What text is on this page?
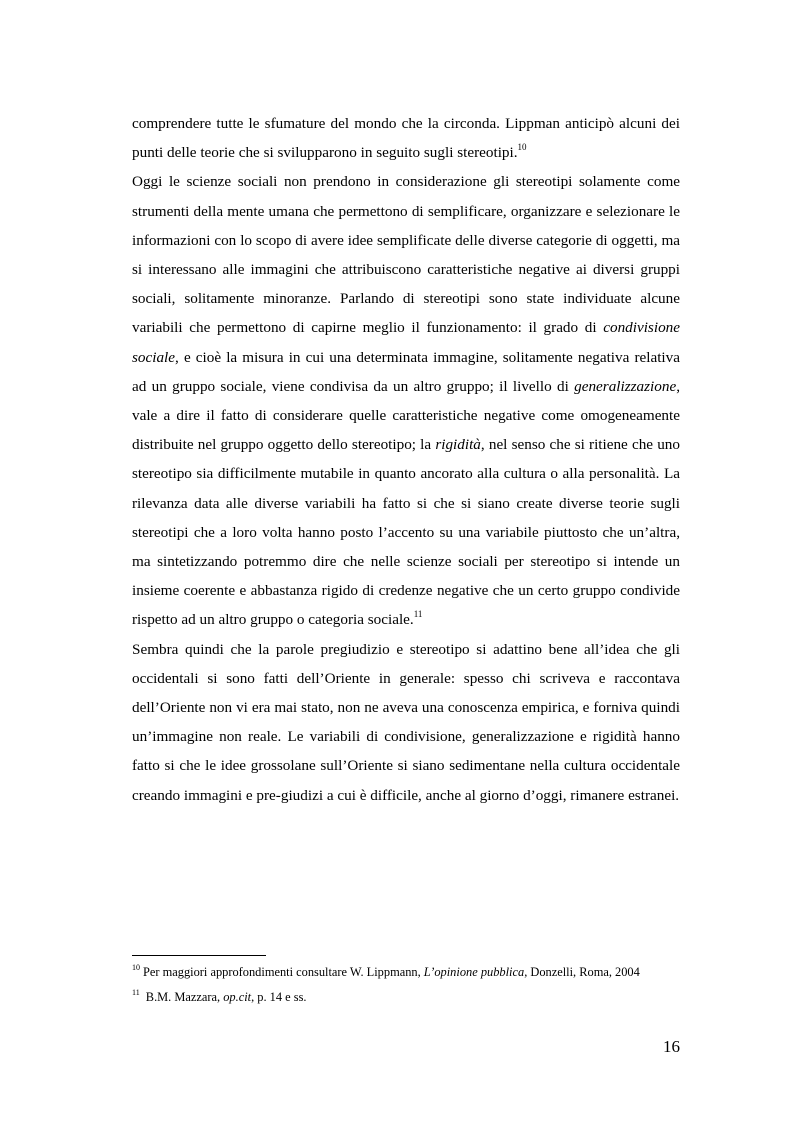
comprendere tutte le sfumature del mondo che la circonda. Lippman anticipò alcuni dei punti delle teorie che si svilupparono in seguito sugli stereotipi.$^{10}$

Oggi le scienze sociali non prendono in considerazione gli stereotipi solamente come strumenti della mente umana che permettono di semplificare, organizzare e selezionare le informazioni con lo scopo di avere idee semplificate delle diverse categorie di oggetti, ma si interessano alle immagini che attribuiscono caratteristiche negative ai diversi gruppi sociali, solitamente minoranze. Parlando di stereotipi sono state individuate alcune variabili che permettono di capirne meglio il funzionamento: il grado di condivisione sociale, e cioè la misura in cui una determinata immagine, solitamente negativa relativa ad un gruppo sociale, viene condivisa da un altro gruppo; il livello di generalizzazione, vale a dire il fatto di considerare quelle caratteristiche negative come omogeneamente distribuite nel gruppo oggetto dello stereotipo; la rigidità, nel senso che si ritiene che uno stereotipo sia difficilmente mutabile in quanto ancorato alla cultura o alla personalità. La rilevanza data alle diverse variabili ha fatto si che si siano create diverse teorie sugli stereotipi che a loro volta hanno posto l’accento su una variabile piuttosto che un’altra, ma sintetizzando potremmo dire che nelle scienze sociali per stereotipo si intende un insieme coerente e abbastanza rigido di credenze negative che un certo gruppo condivide rispetto ad un altro gruppo o categoria sociale.$^{11}$

Sembra quindi che la parole pregiudizio e stereotipo si adattino bene all’idea che gli occidentali si sono fatti dell’Oriente in generale: spesso chi scriveva e raccontava dell’Oriente non vi era mai stato, non ne aveva una conoscenza empirica, e forniva quindi un’immagine non reale. Le variabili di condivisione, generalizzazione e rigidità hanno fatto si che le idee grossolane sull’Oriente si siano sedimentane nella cultura occidentale creando immagini e pre-giudizi a cui è difficile, anche al giorno d’oggi, rimanere estranei.

$^{10}$ Per maggiori approfondimenti consultare W. Lippmann, L’opinione pubblica, Donzelli, Roma, 2004

$^{11}$ B.M. Mazzara, op.cit, p. 14 e ss.

16
